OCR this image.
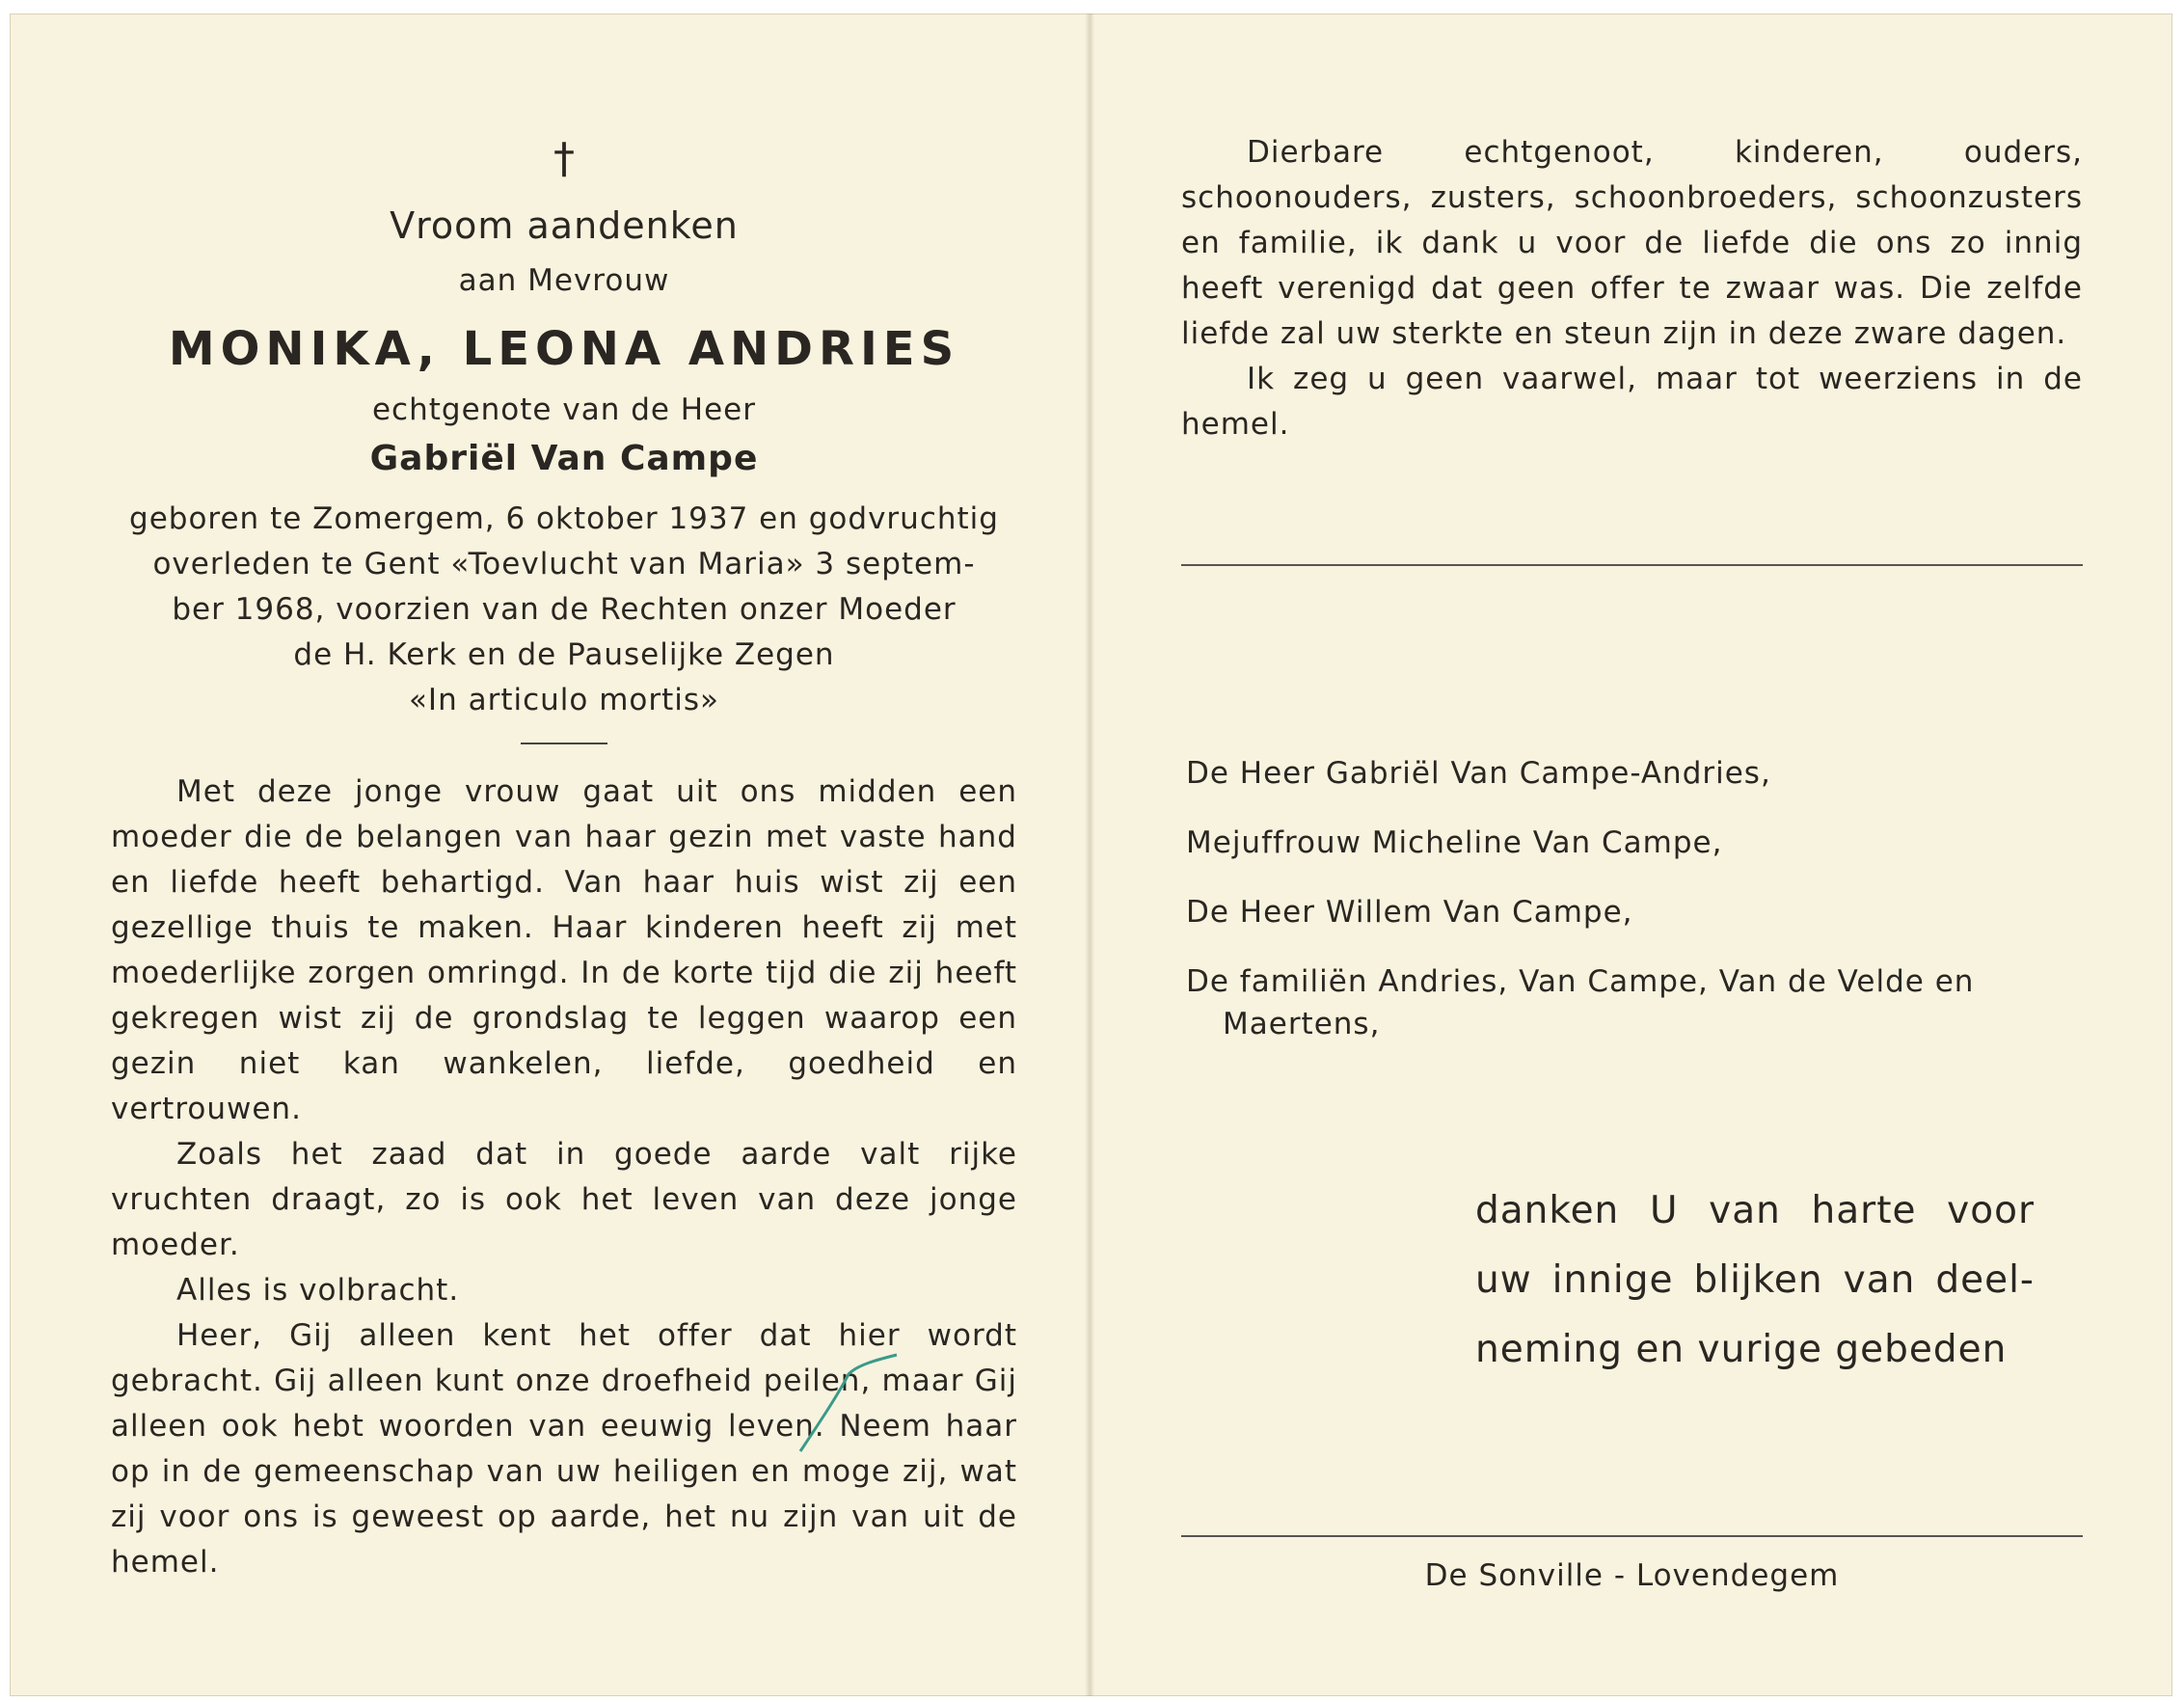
†
Vroom aandenken
aan Mevrouw
MONIKA, LEONA ANDRIES
echtgenote van de Heer
Gabriël Van Campe
geboren te Zomergem, 6 oktober 1937 en godvruchtig
overleden te Gent «Toevlucht van Maria» 3 septem-
ber 1968, voorzien van de Rechten onzer Moeder
de H. Kerk en de Pauselijke Zegen
«In articulo mortis»

Met deze jonge vrouw gaat uit ons midden een moeder die de belangen van haar gezin met vaste hand en liefde heeft behartigd. Van haar huis wist zij een gezellige thuis te maken. Haar kinderen heeft zij met moederlijke zorgen omringd. In de korte tijd die zij heeft gekregen wist zij de grondslag te leggen waarop een gezin niet kan wankelen, liefde, goedheid en vertrouwen.

Zoals het zaad dat in goede aarde valt rijke vruchten draagt, zo is ook het leven van deze jonge moeder.

Alles is volbracht.

Heer, Gij alleen kent het offer dat hier wordt gebracht. Gij alleen kunt onze droefheid peilen, maar Gij alleen ook hebt woorden van eeuwig leven. Neem haar op in de gemeenschap van uw heiligen en moge zij, wat zij voor ons is geweest op aarde, het nu zijn van uit de hemel.

Dierbare echtgenoot, kinderen, ouders, schoonouders, zusters, schoonbroeders, schoonzusters en familie, ik dank u voor de liefde die ons zo innig heeft verenigd dat geen offer te zwaar was. Die zelfde liefde zal uw sterkte en steun zijn in deze zware dagen.

Ik zeg u geen vaarwel, maar tot weerziens in de hemel.

De Heer Gabriël Van Campe-Andries,

Mejuffrouw Micheline Van Campe,

De Heer Willem Van Campe,

De familiën Andries, Van Campe, Van de Velde en

Maertens,

danken U van harte voor
uw innige blijken van deel-
neming en vurige gebeden
De Sonville - Lovendegem
